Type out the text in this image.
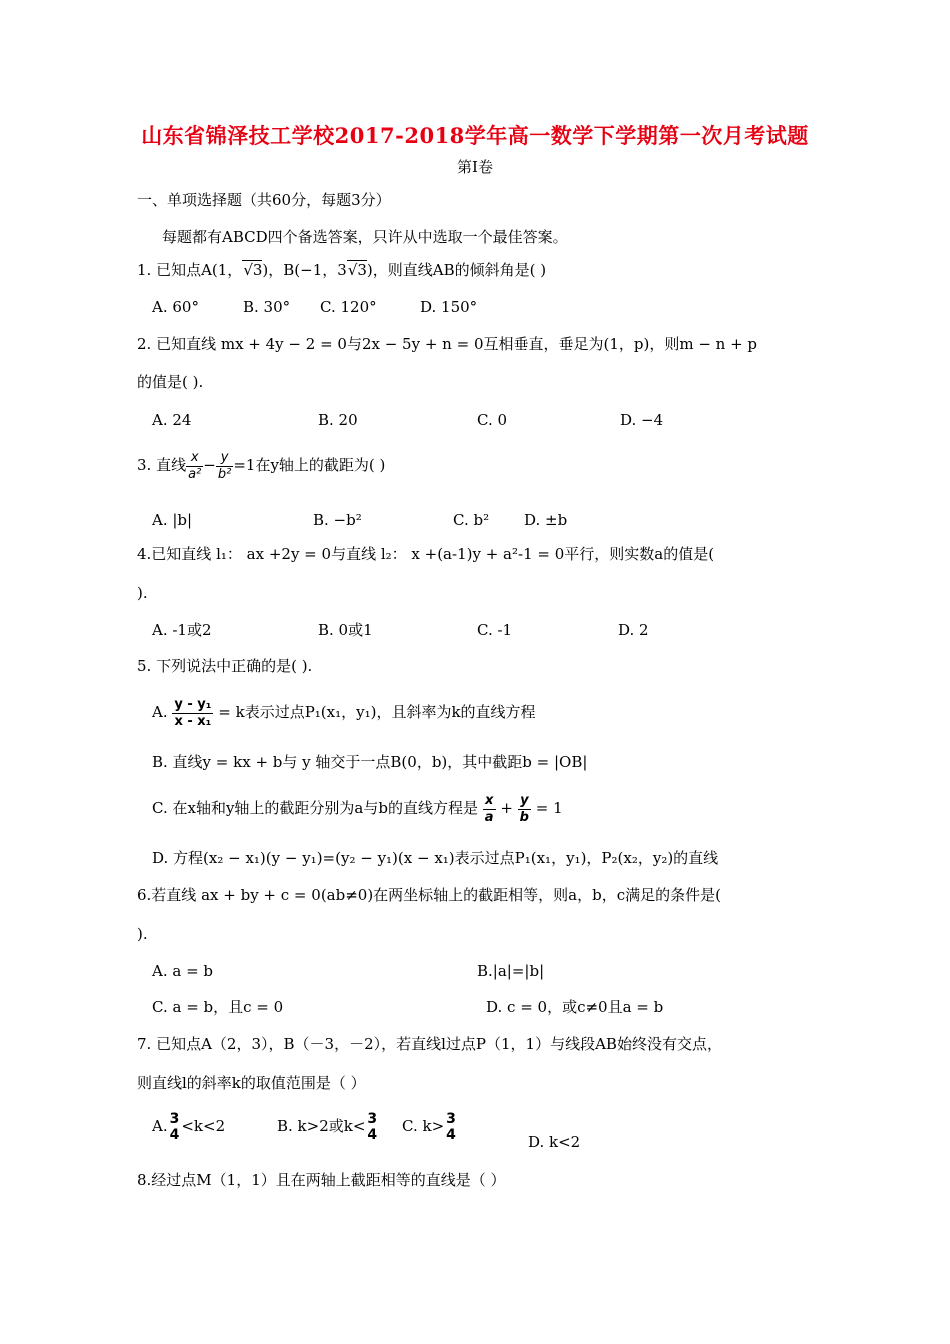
山东省锦泽技工学校2017-2018学年高一数学下学期第一次月考试题
第Ⅰ卷
一、单项选择题（共60分，每题3分）
每题都有ABCD四个备选答案，只许从中选取一个最佳答案。
1. 已知点A(1，√3)，B(−1，3√3)，则直线AB的倾斜角是( )
A. 60°	B. 30° C. 120°	D. 150°
2. 已知直线 mx + 4y − 2 = 0与2x − 5y + n = 0互相垂直，垂足为(1，p)，则m − n + p
的值是( ).
A. 24	B. 20	C. 0	D. −4
3. 直线 $\frac{x}{\text{a²}} - \frac{y}{\text{b²}} =1$在y轴上的截距为( )
A. |b|	B. −b²	C. b² D. ±b
4.已知直线 l₁： ax +2y = 0与直线 l₂： x +(a-1)y + a²-1 = 0平行，则实数a的值是(
).
A. -1或2	B. 0或1	C. -1	D. 2
5. 下列说法中正确的是( ).
A. $\frac{\text{y - y₁}}{\text{x - x₁}} = k$表示过点P₁(x₁，y₁)，且斜率为k的直线方程
B. 直线y = kx + b与 y 轴交于一点B(0，b)，其中截距b = |OB|
C. 在x轴和y轴上的截距分别为a与b的直线方程是 $\frac{x}{a} + \frac{y}{b} = 1$
D. 方程(x₂ − x₁)(y − y₁)=(y₂ − y₁)(x − x₁)表示过点P₁(x₁，y₁)，P₂(x₂，y₂)的直线
6.若直线 ax + by + c = 0(ab≠0)在两坐标轴上的截距相等，则a，b，c满足的条件是(
).
A. a = b	B.|a|=|b|
C. a = b，且c = 0	D. c = 0，或c≠0且a = b
7. 已知点A（2，3），B（－3，－2），若直线l过点P（1，1）与线段AB始终没有交点，
则直线l的斜率k的取值范围是（ ）
A. 3
4 <k<2	B. k>2或k< 3
4 C. k> 3
4	D. k<2
8.经过点M（1，1）且在两轴上截距相等的直线是（ ）
